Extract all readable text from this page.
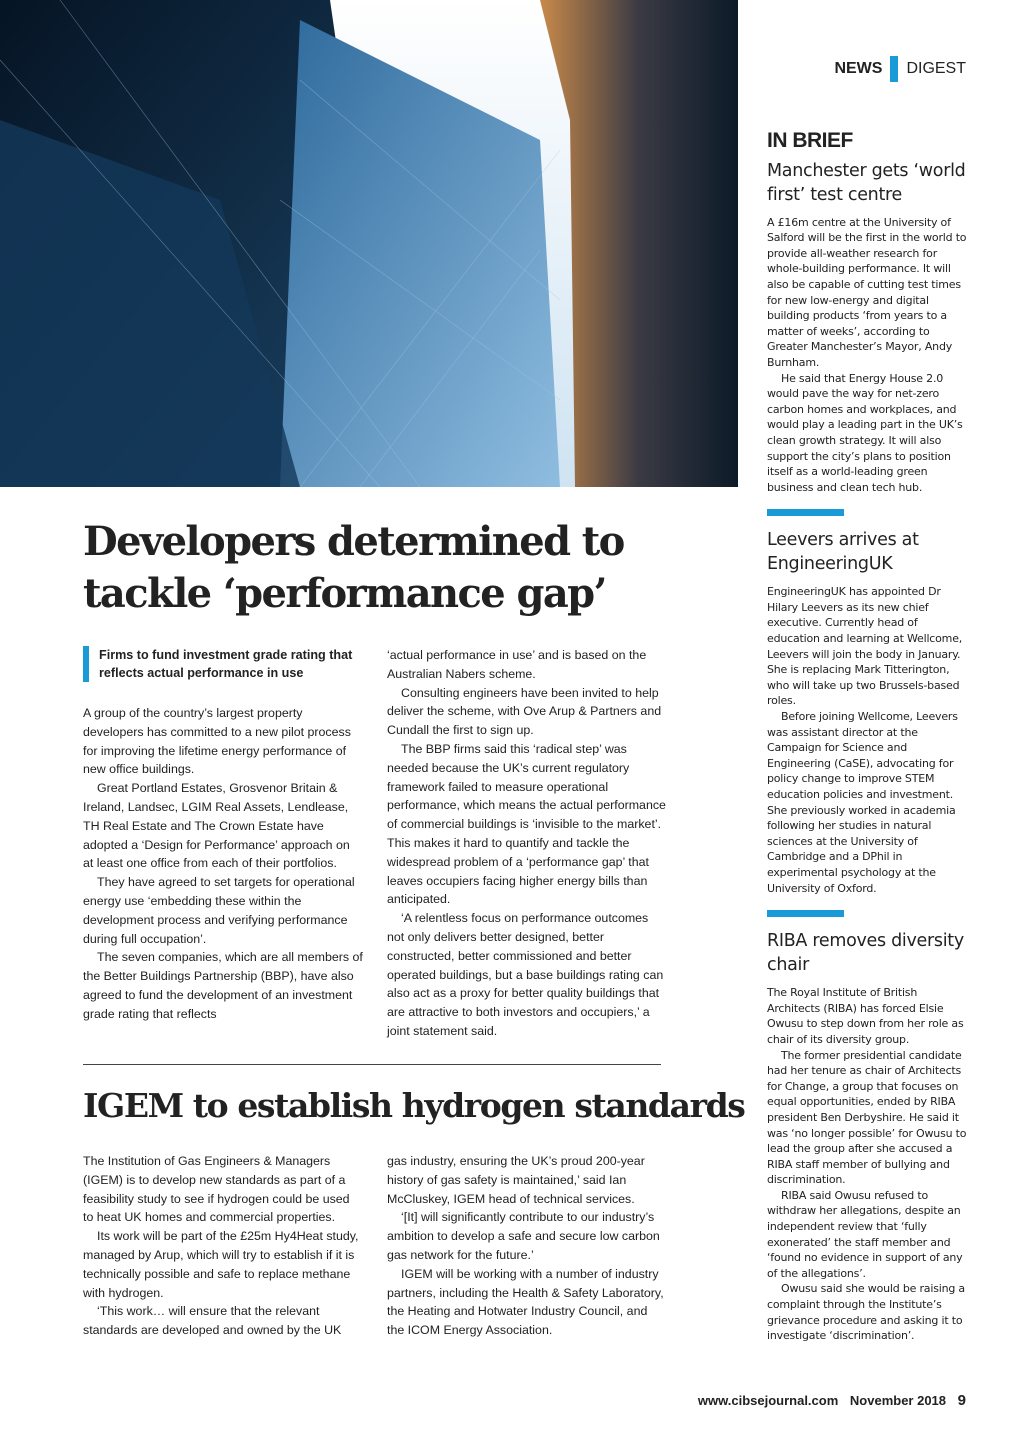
NEWS DIGEST
IN BRIEF
Manchester gets ‘world first’ test centre

A £16m centre at the University of Salford will be the first in the world to provide all-weather research for whole-building performance. It will also be capable of cutting test times for new low-energy and digital building products ‘from years to a matter of weeks’, according to Greater Manchester’s Mayor, Andy Burnham.

He said that Energy House 2.0 would pave the way for net-zero carbon homes and workplaces, and would play a leading part in the UK’s clean growth strategy. It will also support the city’s plans to position itself as a world-leading green business and clean tech hub.

Leevers arrives at EngineeringUK

EngineeringUK has appointed Dr Hilary Leevers as its new chief executive. Currently head of education and learning at Wellcome, Leevers will join the body in January. She is replacing Mark Titterington, who will take up two Brussels-based roles.

Before joining Wellcome, Leevers was assistant director at the Campaign for Science and Engineering (CaSE), advocating for policy change to improve STEM education policies and investment. She previously worked in academia following her studies in natural sciences at the University of Cambridge and a DPhil in experimental psychology at the University of Oxford.

RIBA removes diversity chair

The Royal Institute of British Architects (RIBA) has forced Elsie Owusu to step down from her role as chair of its diversity group.

The former presidential candidate had her tenure as chair of Architects for Change, a group that focuses on equal opportunities, ended by RIBA president Ben Derbyshire. He said it was ‘no longer possible’ for Owusu to lead the group after she accused a RIBA staff member of bullying and discrimination.

RIBA said Owusu refused to withdraw her allegations, despite an independent review that ‘fully exonerated’ the staff member and ‘found no evidence in support of any of the allegations’.

Owusu said she would be raising a complaint through the Institute’s grievance procedure and asking it to investigate ‘discrimination’.

Developers determined to tackle ‘performance gap’
Firms to fund investment grade rating that reflects actual performance in use

A group of the country’s largest property developers has committed to a new pilot process for improving the lifetime energy performance of new office buildings.

Great Portland Estates, Grosvenor Britain & Ireland, Landsec, LGIM Real Assets, Lendlease, TH Real Estate and The Crown Estate have adopted a ‘Design for Performance’ approach on at least one office from each of their portfolios.

They have agreed to set targets for operational energy use ‘embedding these within the development process and verifying performance during full occupation’.

The seven companies, which are all members of the Better Buildings Partnership (BBP), have also agreed to fund the development of an investment grade rating that reflects

‘actual performance in use’ and is based on the Australian Nabers scheme.

Consulting engineers have been invited to help deliver the scheme, with Ove Arup & Partners and Cundall the first to sign up.

The BBP firms said this ‘radical step’ was needed because the UK’s current regulatory framework failed to measure operational performance, which means the actual performance of commercial buildings is ‘invisible to the market’. This makes it hard to quantify and tackle the widespread problem of a ‘performance gap’ that leaves occupiers facing higher energy bills than anticipated.

‘A relentless focus on performance outcomes not only delivers better designed, better constructed, better commissioned and better operated buildings, but a base buildings rating can also act as a proxy for better quality buildings that are attractive to both investors and occupiers,’ a joint statement said.

IGEM to establish hydrogen standards

The Institution of Gas Engineers & Managers (IGEM) is to develop new standards as part of a feasibility study to see if hydrogen could be used to heat UK homes and commercial properties.

Its work will be part of the £25m Hy4Heat study, managed by Arup, which will try to establish if it is technically possible and safe to replace methane with hydrogen.

‘This work… will ensure that the relevant standards are developed and owned by the UK

gas industry, ensuring the UK’s proud 200-year history of gas safety is maintained,’ said Ian McCluskey, IGEM head of technical services.

‘[It] will significantly contribute to our industry’s ambition to develop a safe and secure low carbon gas network for the future.’

IGEM will be working with a number of industry partners, including the Health & Safety Laboratory, the Heating and Hotwater Industry Council, and the ICOM Energy Association.

www.cibsejournal.com November 2018 9
